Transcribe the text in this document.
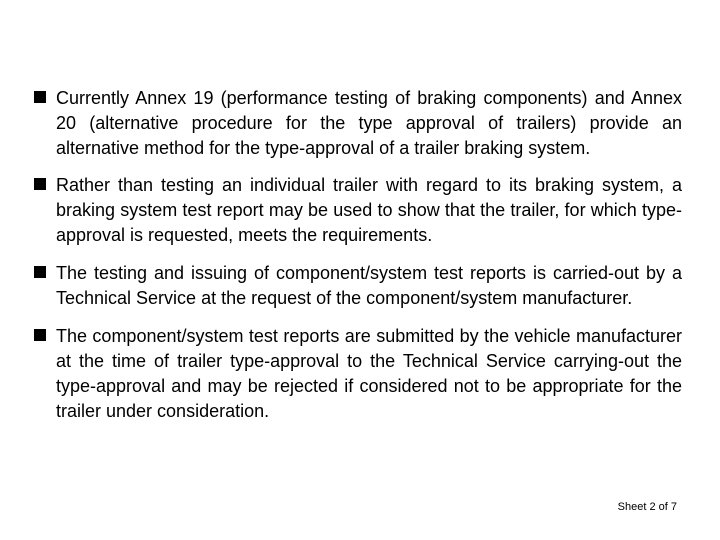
Currently Annex 19 (performance testing of braking components) and Annex 20 (alternative procedure for the type approval of trailers) provide an alternative method for the type-approval of a trailer braking system.
Rather than testing an individual trailer with regard to its braking system, a braking system test report may be used to show that the trailer, for which type-approval is requested, meets the requirements.
The testing and issuing of component/system test reports is carried-out by a Technical Service at the request of the component/system manufacturer.
The component/system test reports are submitted by the vehicle manufacturer at the time of trailer type-approval to the Technical Service carrying-out the type-approval and may be rejected if considered not to be appropriate for the trailer under consideration.
Sheet 2 of 7
